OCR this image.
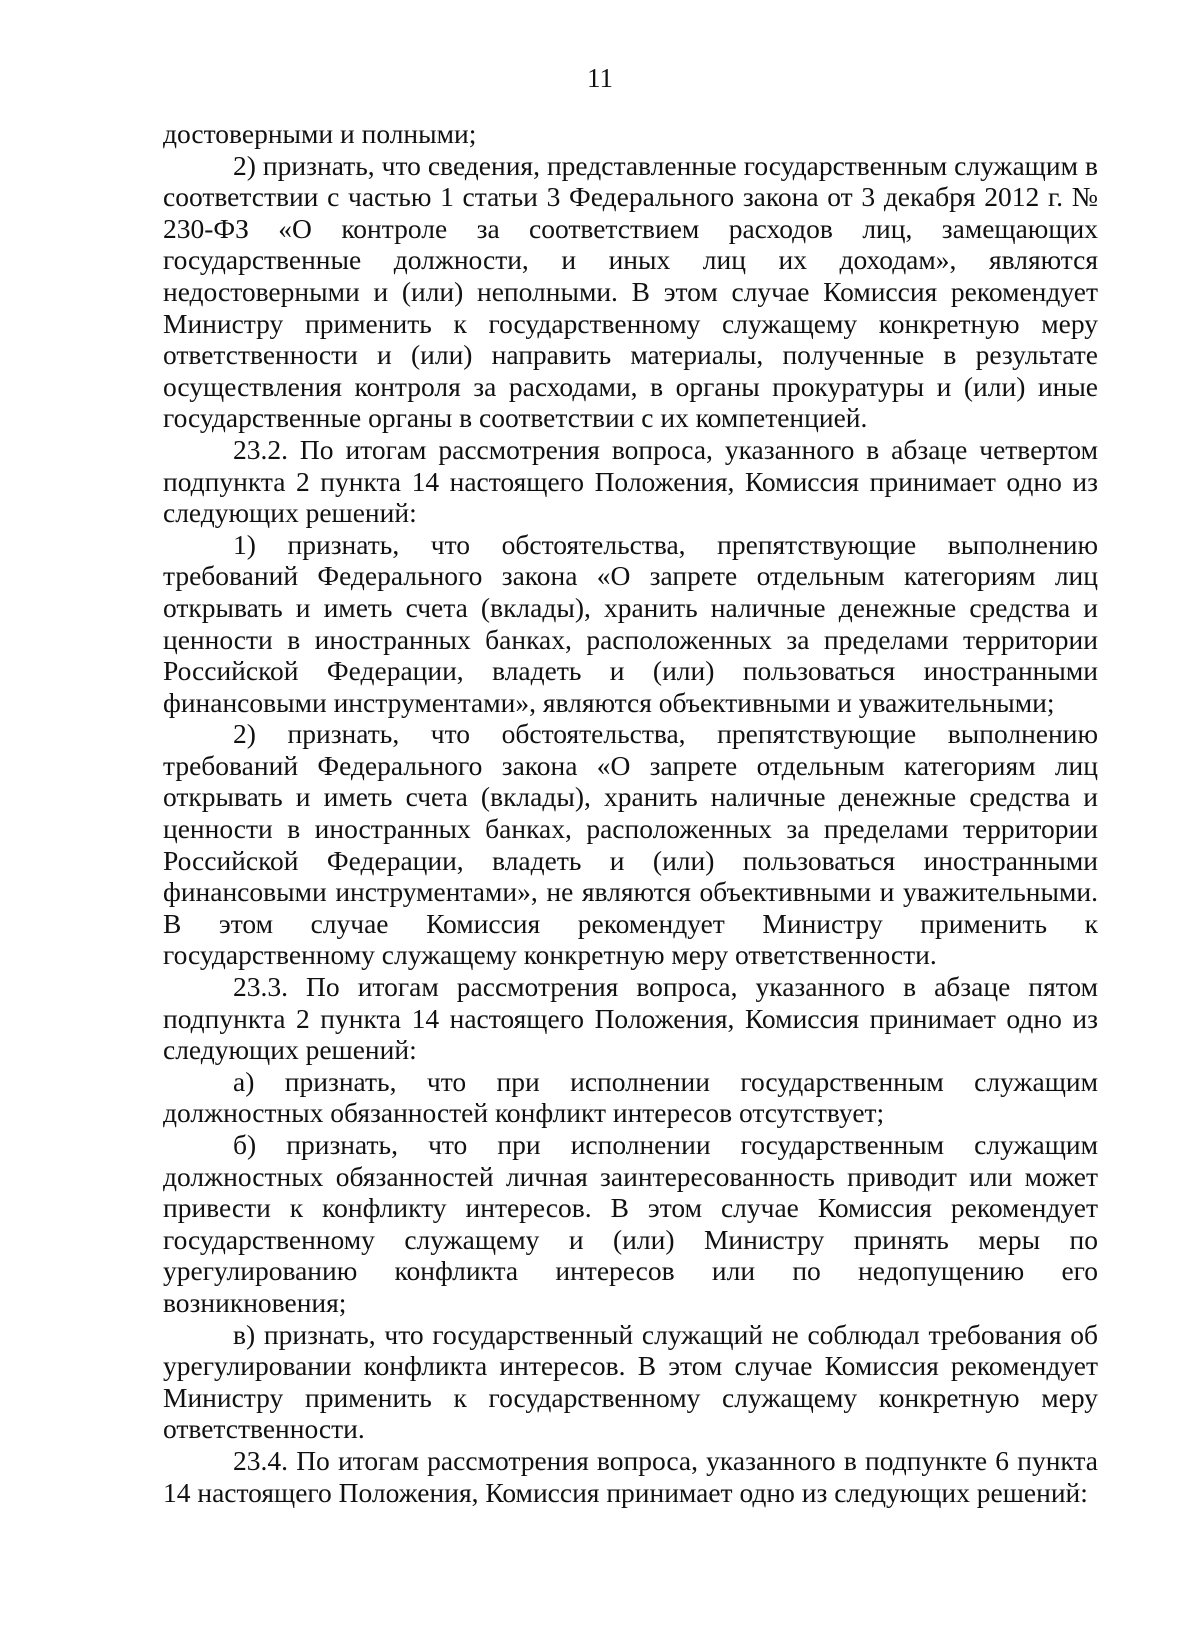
11

достоверными и полными;

2) признать, что сведения, представленные государственным служащим в соответствии с частью 1 статьи 3 Федерального закона от 3 декабря 2012 г. № 230-ФЗ «О контроле за соответствием расходов лиц, замещающих государственные должности, и иных лиц их доходам», являются недостоверными и (или) неполными. В этом случае Комиссия рекомендует Министру применить к государственному служащему конкретную меру ответственности и (или) направить материалы, полученные в результате осуществления контроля за расходами, в органы прокуратуры и (или) иные государственные органы в соответствии с их компетенцией.

23.2. По итогам рассмотрения вопроса, указанного в абзаце четвертом подпункта 2 пункта 14 настоящего Положения, Комиссия принимает одно из следующих решений:

1) признать, что обстоятельства, препятствующие выполнению требований Федерального закона «О запрете отдельным категориям лиц открывать и иметь счета (вклады), хранить наличные денежные средства и ценности в иностранных банках, расположенных за пределами территории Российской Федерации, владеть и (или) пользоваться иностранными финансовыми инструментами», являются объективными и уважительными;

2) признать, что обстоятельства, препятствующие выполнению требований Федерального закона «О запрете отдельным категориям лиц открывать и иметь счета (вклады), хранить наличные денежные средства и ценности в иностранных банках, расположенных за пределами территории Российской Федерации, владеть и (или) пользоваться иностранными финансовыми инструментами», не являются объективными и уважительными. В этом случае Комиссия рекомендует Министру применить к государственному служащему конкретную меру ответственности.

23.3. По итогам рассмотрения вопроса, указанного в абзаце пятом подпункта 2 пункта 14 настоящего Положения, Комиссия принимает одно из следующих решений:

а) признать, что при исполнении государственным служащим должностных обязанностей конфликт интересов отсутствует;

б) признать, что при исполнении государственным служащим должностных обязанностей личная заинтересованность приводит или может привести к конфликту интересов. В этом случае Комиссия рекомендует государственному служащему и (или) Министру принять меры по урегулированию конфликта интересов или по недопущению его возникновения;

в) признать, что государственный служащий не соблюдал требования об урегулировании конфликта интересов. В этом случае Комиссия рекомендует Министру применить к государственному служащему конкретную меру ответственности.

23.4. По итогам рассмотрения вопроса, указанного в подпункте 6 пункта 14 настоящего Положения, Комиссия принимает одно из следующих решений:
